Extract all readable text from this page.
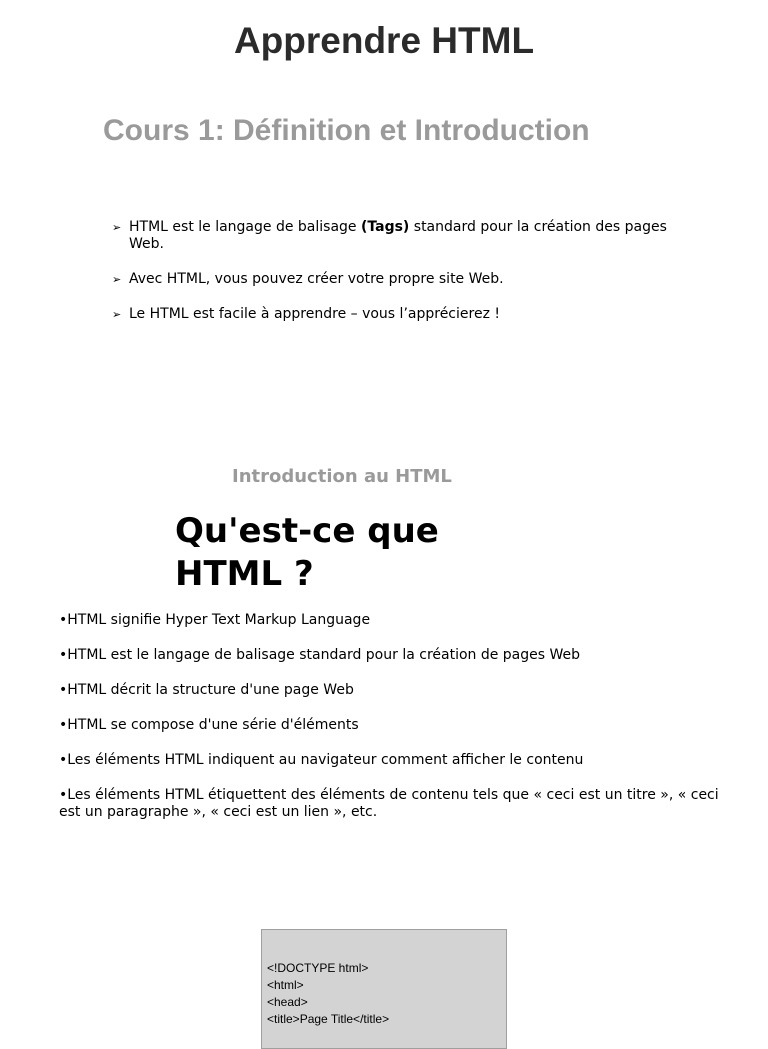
Apprendre HTML
Cours 1: Définition et Introduction
➢ HTML est le langage de balisage (Tags) standard pour la création des pages Web.
➢ Avec HTML, vous pouvez créer votre propre site Web.
➢ Le HTML est facile à apprendre – vous l’apprécierez !

Introduction au HTML

Qu'est-ce que HTML ?
•HTML signifie Hyper Text Markup Language
•HTML est le langage de balisage standard pour la création de pages Web
•HTML décrit la structure d'une page Web
•HTML se compose d'une série d'éléments
•Les éléments HTML indiquent au navigateur comment afficher le contenu
•Les éléments HTML étiquettent des éléments de contenu tels que « ceci est un titre », « ceci est un paragraphe », « ceci est un lien », etc.
<!DOCTYPE html>
<html>
<head>
<title>Page Title</title>
